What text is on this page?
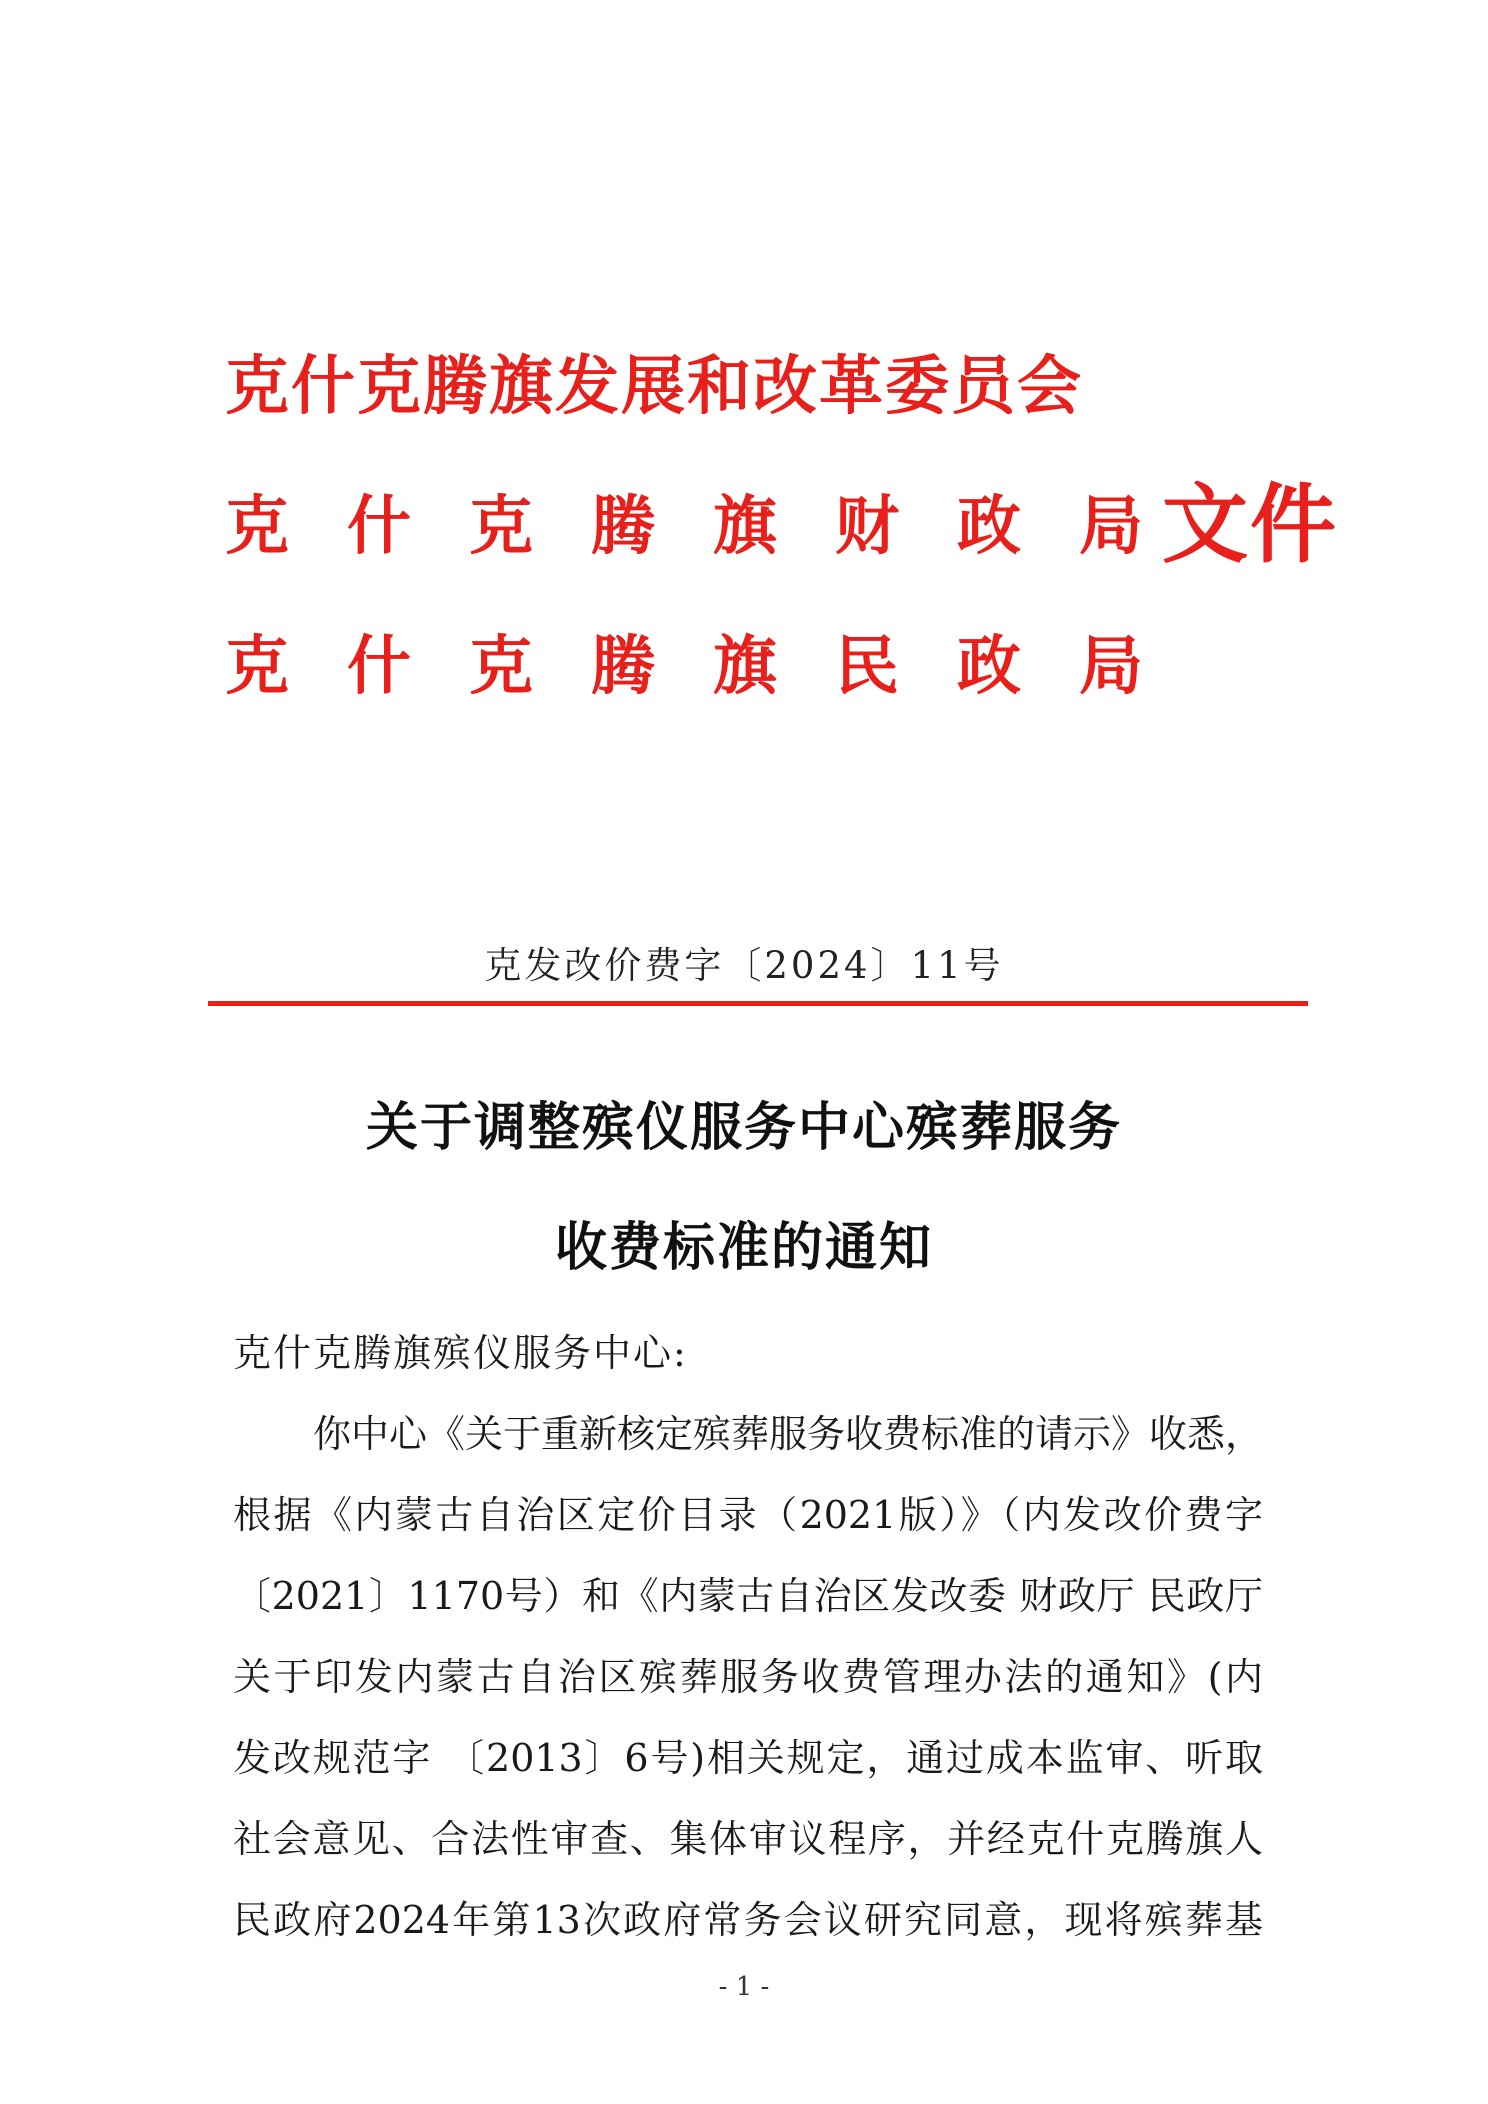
克什克腾旗发展和改革委员会
克什克腾旗财政局
文件
克什克腾旗民政局
克发改价费字〔2024〕11号
关于调整殡仪服务中心殡葬服务
收费标准的通知
克什克腾旗殡仪服务中心:
你中心《关于重新核定殡葬服务收费标准的请示》收悉，
根据《内蒙古自治区定价目录（2021版）》（内发改价费字
〔2021〕1170号）和《内蒙古自治区发改委 财政厅 民政厅
关于印发内蒙古自治区殡葬服务收费管理办法的通知》(内
发改规范字 〔2013〕6号)相关规定，通过成本监审、听取
社会意见、合法性审查、集体审议程序，并经克什克腾旗人
民政府2024年第13次政府常务会议研究同意，现将殡葬基
- 1 -
